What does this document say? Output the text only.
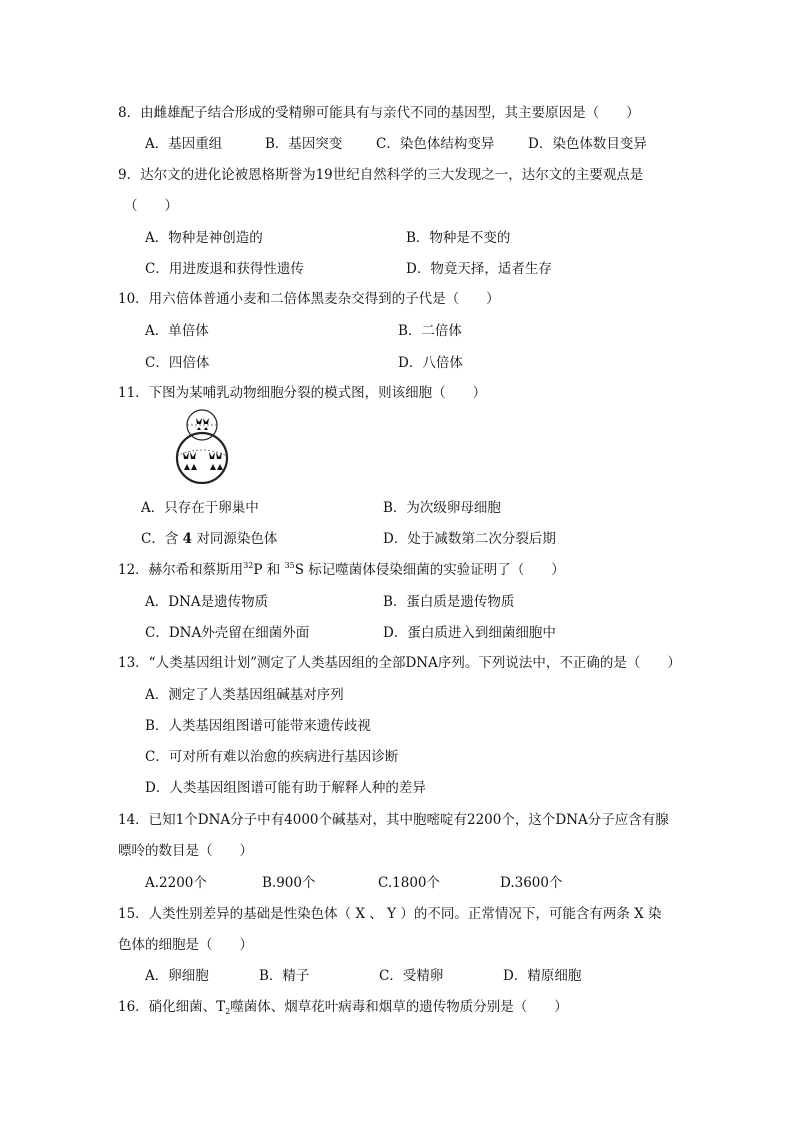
8．由雌雄配子结合形成的受精卵可能具有与亲代不同的基因型，其主要原因是（　　）
A．基因重组	B．基因突变 C．染色体结构变异 D．染色体数目变异
9．达尔文的进化论被恩格斯誉为19世纪自然科学的三大发现之一，达尔文的主要观点是
（　　）
A．物种是神创造的	B．物种是不变的
C．用进废退和获得性遗传	D．物竟天择，适者生存
10．用六倍体普通小麦和二倍体黑麦杂交得到的子代是（　　）
A．单倍体	B．二倍体
C．四倍体	D．八倍体
11．下图为某哺乳动物细胞分裂的模式图，则该细胞（　　）
A．只存在于卵巢中	B．为次级卵母细胞
C．含 4 对同源染色体	D．处于减数第二次分裂后期
12．赫尔希和蔡斯用$^{32}$P 和 $^{35}$S 标记噬菌体侵染细菌的实验证明了（　　）
A．DNA是遗传物质	B．蛋白质是遗传物质
C．DNA外壳留在细菌外面	D．蛋白质进入到细菌细胞中
13．“人类基因组计划”测定了人类基因组的全部DNA序列。下列说法中，不正确的是（　　）
A．测定了人类基因组碱基对序列
B．人类基因组图谱可能带来遗传歧视
C．可对所有难以治愈的疾病进行基因诊断
D．人类基因组图谱可能有助于解释人种的差异
14．已知1个DNA分子中有4000个碱基对，其中胞嘧啶有2200个，这个DNA分子应含有腺
嘌呤的数目是（　　）
A.2200个	B.900个	C.1800个	D.3600个
15．人类性别差异的基础是性染色体（ X 、 Y ）的不同。正常情况下，可能含有两条 X 染
色体的细胞是（　　）
A．卵细胞	B．精子	C．受精卵	D．精原细胞
16．硝化细菌、$T_2$噬菌体、烟草花叶病毒和烟草的遗传物质分别是（　　）
